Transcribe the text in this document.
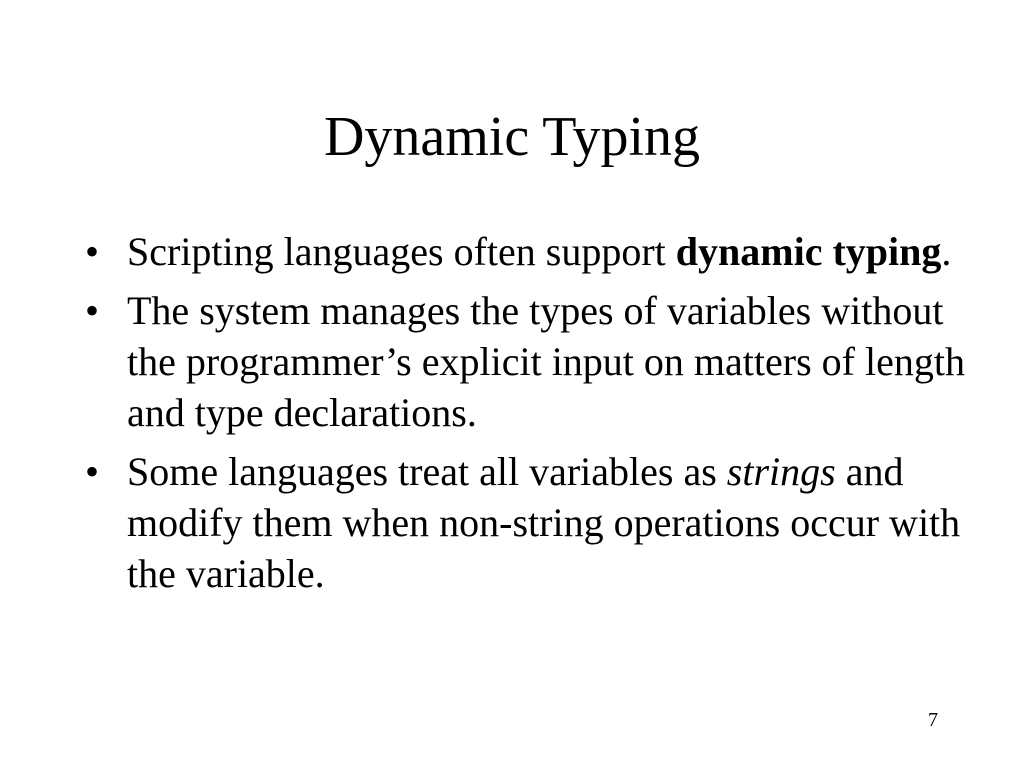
Dynamic Typing
• Scripting languages often support dynamic typing.
• The system manages the types of variables without the programmer’s explicit input on matters of length and type declarations.
• Some languages treat all variables as strings and modify them when non-string operations occur with the variable.
7
